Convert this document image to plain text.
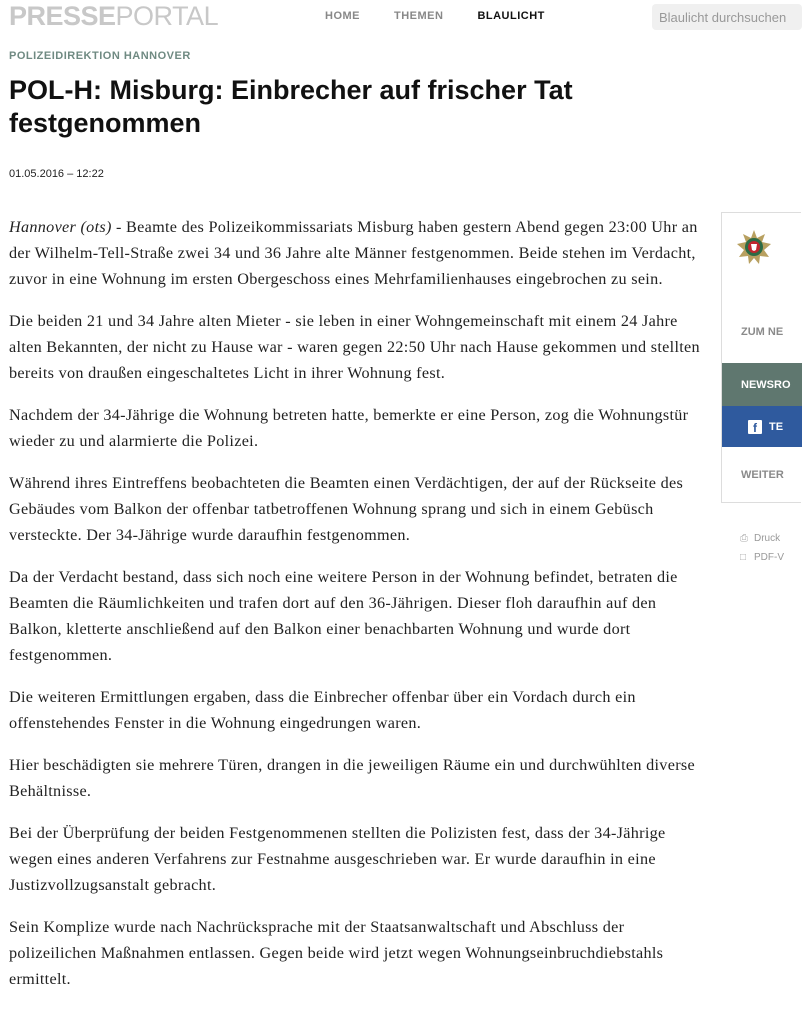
PRESSEPORTAL	HOME	THEMEN	BLAULICHT
Blaulicht durchsuchen
POLIZEIDIREKTION HANNOVER
POL-H: Misburg: Einbrecher auf frischer Tat festgenommen
01.05.2016 – 12:22

Hannover (ots) - Beamte des Polizeikommissariats Misburg haben gestern Abend gegen 23:00 Uhr an der Wilhelm-Tell-Straße zwei 34 und 36 Jahre alte Männer festgenommen. Beide stehen im Verdacht, zuvor in eine Wohnung im ersten Obergeschoss eines Mehrfamilienhauses eingebrochen zu sein.

Die beiden 21 und 34 Jahre alten Mieter - sie leben in einer Wohngemeinschaft mit einem 24 Jahre alten Bekannten, der nicht zu Hause war - waren gegen 22:50 Uhr nach Hause gekommen und stellten bereits von draußen eingeschaltetes Licht in ihrer Wohnung fest.

Nachdem der 34-Jährige die Wohnung betreten hatte, bemerkte er eine Person, zog die Wohnungstür wieder zu und alarmierte die Polizei.

Während ihres Eintreffens beobachteten die Beamten einen Verdächtigen, der auf der Rückseite des Gebäudes vom Balkon der offenbar tatbetroffenen Wohnung sprang und sich in einem Gebüsch versteckte. Der 34-Jährige wurde daraufhin festgenommen.

Da der Verdacht bestand, dass sich noch eine weitere Person in der Wohnung befindet, betraten die Beamten die Räumlichkeiten und trafen dort auf den 36-Jährigen. Dieser floh daraufhin auf den Balkon, kletterte anschließend auf den Balkon einer benachbarten Wohnung und wurde dort festgenommen.

Die weiteren Ermittlungen ergaben, dass die Einbrecher offenbar über ein Vordach durch ein offenstehendes Fenster in die Wohnung eingedrungen waren.

Hier beschädigten sie mehrere Türen, drangen in die jeweiligen Räume ein und durchwühlten diverse Behältnisse.

Bei der Überprüfung der beiden Festgenommenen stellten die Polizisten fest, dass der 34-Jährige wegen eines anderen Verfahrens zur Festnahme ausgeschrieben war. Er wurde daraufhin in eine Justizvollzugsanstalt gebracht.

Sein Komplize wurde nach Nachrücksprache mit der Staatsanwaltschaft und Abschluss der polizeilichen Maßnahmen entlassen. Gegen beide wird jetzt wegen Wohnungseinbruchdiebstahls ermittelt.

ZUM NE
NEWSRO
f TE
WEITER
⎙ Druck
□ PDF-V
